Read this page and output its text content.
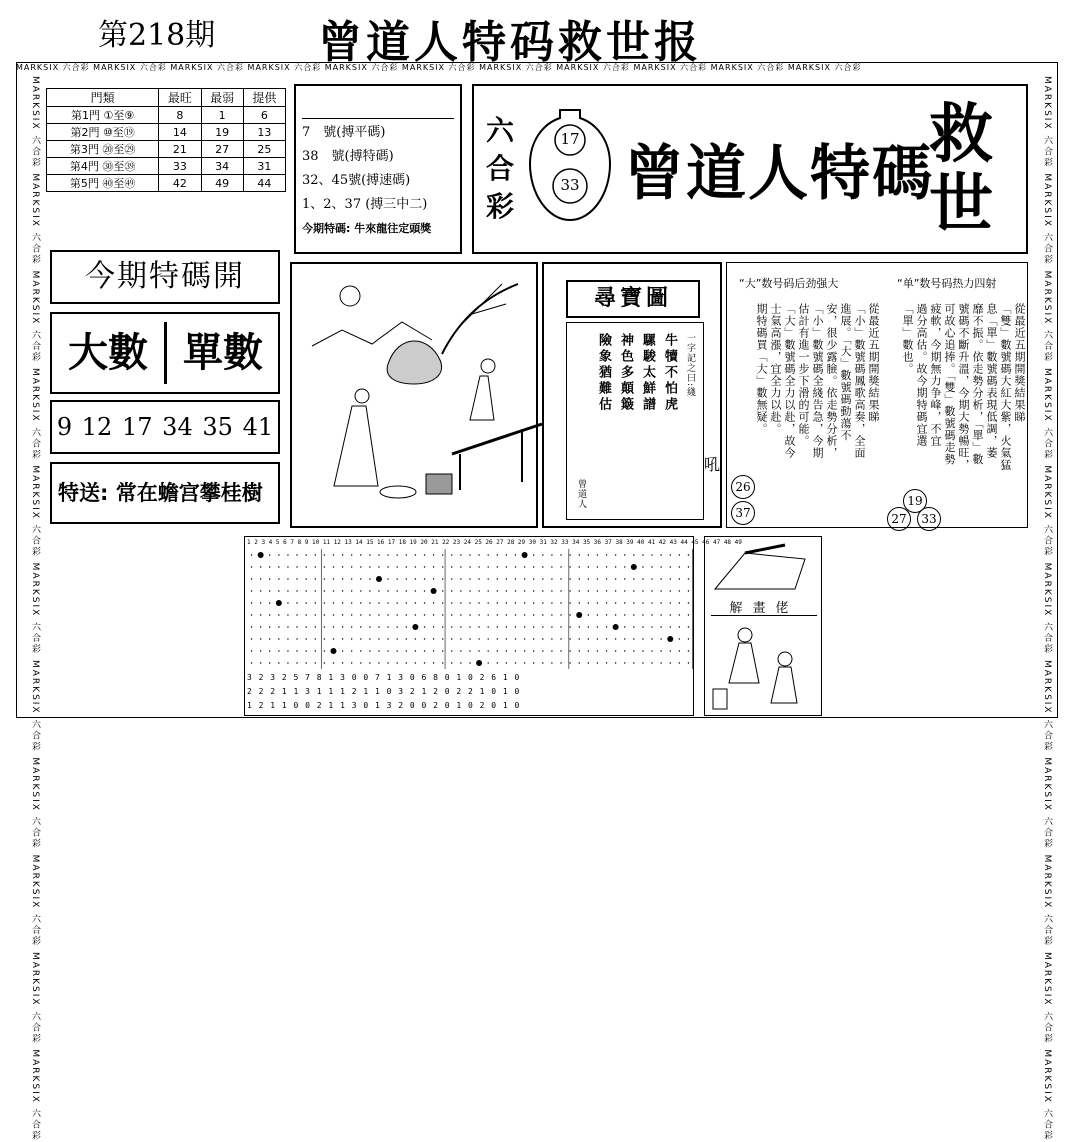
第218期 曾道人特码救世报
MARKSIX 六合彩 MARKSIX 六合彩 MARKSIX 六合彩 MARKSIX 六合彩 MARKSIX 六合彩 MARKSIX 六合彩 MARKSIX 六合彩 MARKSIX 六合彩 MARKSIX 六合彩 MARKSIX 六合彩 MARKSIX 六合彩
MARKSIX 六合彩 MARKSIX 六合彩 MARKSIX 六合彩 MARKSIX 六合彩 MARKSIX 六合彩 MARKSIX 六合彩 MARKSIX 六合彩 MARKSIX 六合彩 MARKSIX 六合彩 MARKSIX 六合彩 MARKSIX 六合彩	MARKSIX 六合彩 MARKSIX 六合彩 MARKSIX 六合彩 MARKSIX 六合彩 MARKSIX 六合彩 MARKSIX 六合彩 MARKSIX 六合彩 MARKSIX 六合彩 MARKSIX 六合彩 MARKSIX 六合彩 MARKSIX 六合彩
門類	最旺	最弱	提供
第1門 ①至⑨	8	1	6
第2門 ⑩至⑲	14	19	13
第3門 ⑳至㉙	21	27	25
第4門 ㉚至㊴	33	34	31
第5門 ㊵至㊾	42	49	44
7　號(搏平碼)
38　號(搏特碼)
32、45號(搏速碼)
1、2、37 (搏三中二)
今期特碼: 牛來龍往定頭獎
六合彩
17
33 曾道人特碼
救世
今期特碼開
大數 單數
9 12 17 34 35 41
特送: 常在蟾宫攀桂樹
尋寶圖
一字記之曰:綫
牛犢不怕虎
騾駿太鮮譜
神色多顛簸
險象猶難估
曾道人
“大”数号码后劲强大	“单”数号码热力四射
從最近五期開獎結果睇
「小」數號碼鳳歌高奏，全面
進展。「大」數號碼動蕩不
安，很少露臉。依走勢分析，
「小」數號碼全綫告急，今期
估計有進一步下滑的可能。
「大」數號碼全力以赴，故今
士氣高漲，宜全力以赴。
期特碼買「大」數無疑。
26
37
從最近五期開獎結果睇
「雙」數號碼大紅大紫，火氣猛
息「單」數號碼表現低調，萎
靡不振。依走勢分析，「單」數
號碼不斷升溫，今期大勢暢旺，
可故心追捧。「雙」數號碼走勢
疲軟，今期無力争峰，不宜
過分高估。故今期特碼宜選
「單」數也。
19
27	33
吼
1 2 3 4 5 6 7 8 9 10 11 12 13 14 15 16 17 18 19 20 21 22 23 24 25 26 27 28 29 30 31 32 33 34 35 36 37 38 39 40 41 42 43 44 45 46 47 48 49
3 2 3 2 5 7 8 1 3 0 0 7 1 3 0 6 8 0 1 0 2 6 1 0
2 2 2 1 1 3 1 1 1 2 1 1 0 3 2 1 2 0 2 2 1 0 1 0
1 2 1 1 0 0 2 1 1 3 0 1 3 2 0 0 2 0 1 0 2 0 1 0
解畫佬
